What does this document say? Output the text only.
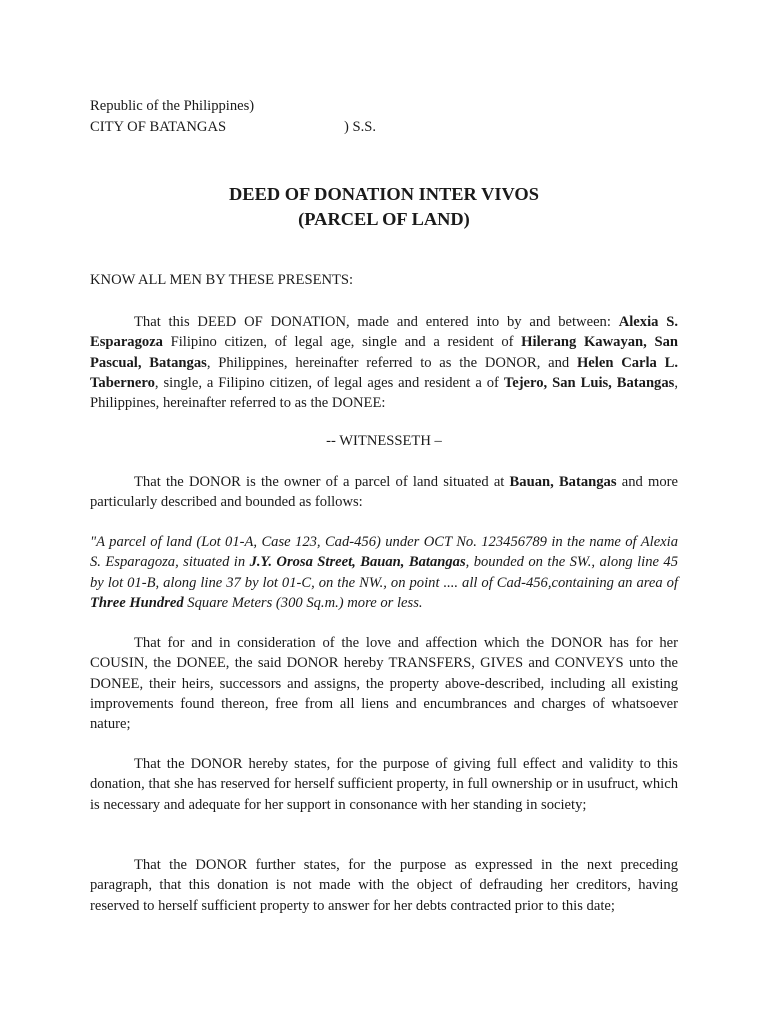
Republic of the Philippines)
CITY OF BATANGAS	) S.S.
DEED OF DONATION INTER VIVOS
(PARCEL OF LAND)
KNOW ALL MEN BY THESE PRESENTS:

That this DEED OF DONATION, made and entered into by and between: Alexia S. Esparagoza Filipino citizen, of legal age, single and a resident of Hilerang Kawayan, San Pascual, Batangas, Philippines, hereinafter referred to as the DONOR, and Helen Carla L. Tabernero, single, a Filipino citizen, of legal ages and resident a of Tejero, San Luis, Batangas, Philippines, hereinafter referred to as the DONEE:

-- WITNESSETH –

That the DONOR is the owner of a parcel of land situated at Bauan, Batangas and more particularly described and bounded as follows:

"A parcel of land (Lot 01-A, Case 123, Cad-456) under OCT No. 123456789 in the name of Alexia S. Esparagoza, situated in J.Y. Orosa Street, Bauan, Batangas, bounded on the SW., along line 45 by lot 01-B, along line 37 by lot 01-C, on the NW., on point .... all of Cad-456,containing an area of Three Hundred Square Meters (300 Sq.m.) more or less.

That for and in consideration of the love and affection which the DONOR has for her COUSIN, the DONEE, the said DONOR hereby TRANSFERS, GIVES and CONVEYS unto the DONEE, their heirs, successors and assigns, the property above-described, including all existing improvements found thereon, free from all liens and encumbrances and charges of whatsoever nature;

That the DONOR hereby states, for the purpose of giving full effect and validity to this donation, that she has reserved for herself sufficient property, in full ownership or in usufruct, which is necessary and adequate for her support in consonance with her standing in society;

That the DONOR further states, for the purpose as expressed in the next preceding paragraph, that this donation is not made with the object of defrauding her creditors, having reserved to herself sufficient property to answer for her debts contracted prior to this date;
